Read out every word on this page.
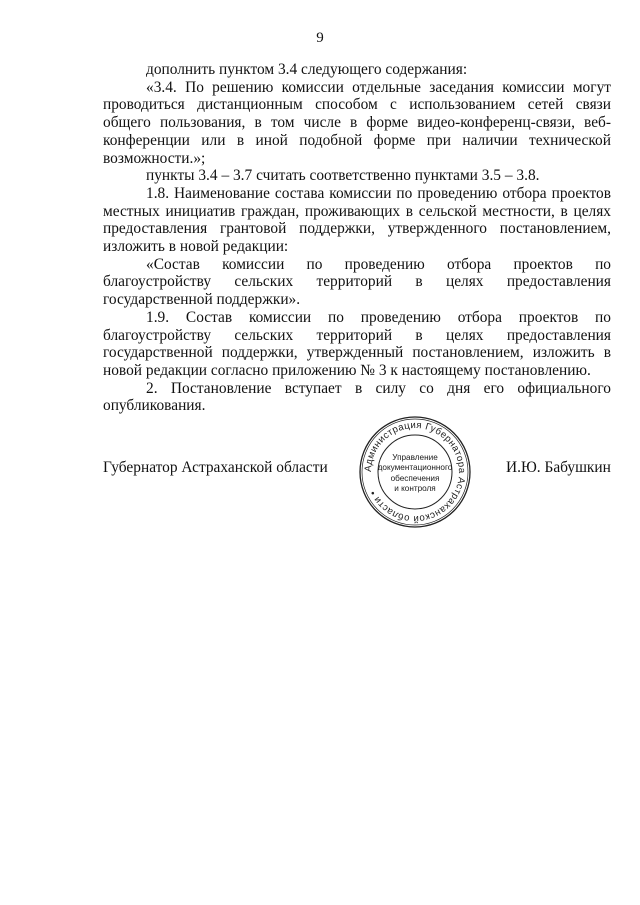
9

дополнить пунктом 3.4 следующего содержания:

«3.4. По решению комиссии отдельные заседания комиссии могут проводиться дистанционным способом с использованием сетей связи общего пользования, в том числе в форме видео-конференц-связи, веб-конференции или в иной подобной форме при наличии технической возможности.»;

пункты 3.4 – 3.7 считать соответственно пунктами 3.5 – 3.8.

1.8. Наименование состава комиссии по проведению отбора проектов местных инициатив граждан, проживающих в сельской местности, в целях предоставления грантовой поддержки, утвержденного постановлением, изложить в новой редакции:

«Состав комиссии по проведению отбора проектов по благоустройству сельских территорий в целях предоставления государственной поддержки».

1.9. Состав комиссии по проведению отбора проектов по благоустройству сельских территорий в целях предоставления государственной поддержки, утвержденный постановлением, изложить в новой редакции согласно приложению № 3 к настоящему постановлению.

2. Постановление вступает в силу со дня его официального опубликования.

Губернатор Астраханской области	Администрация Губернатора Астраханской области •
Управление
документационного
обеспечения
и контроля
И.Ю. Бабушкин
